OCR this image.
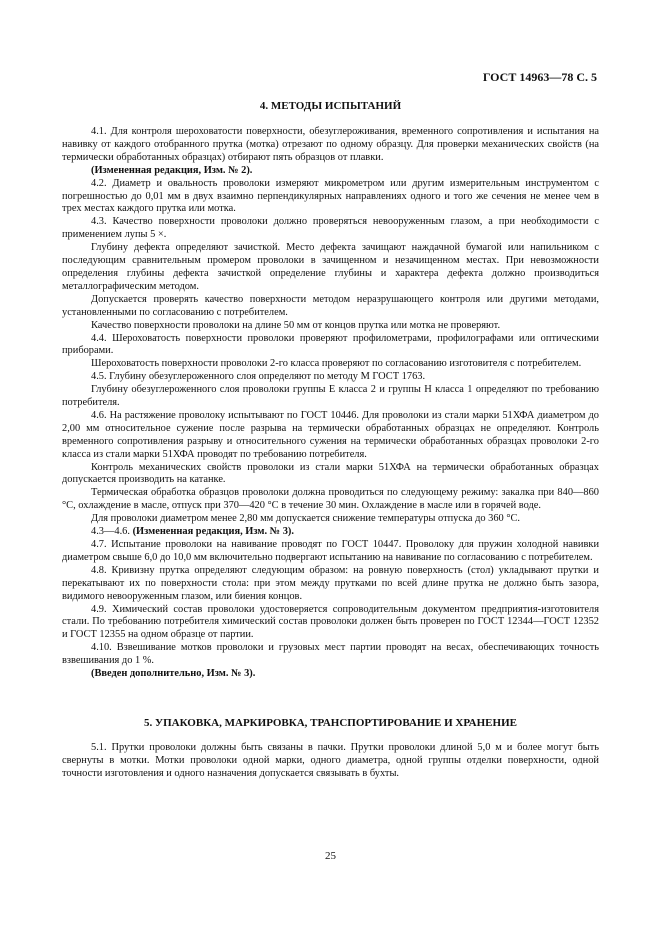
ГОСТ 14963—78 С. 5
4. МЕТОДЫ ИСПЫТАНИЙ

4.1. Для контроля шероховатости поверхности, обезуглероживания, временного сопротивления и испытания на навивку от каждого отобранного прутка (мотка) отрезают по одному образцу. Для проверки механических свойств (на термически обработанных образцах) отбирают пять образцов от плавки.

(Измененная редакция, Изм. № 2).

4.2. Диаметр и овальность проволоки измеряют микрометром или другим измерительным инструментом с погрешностью до 0,01 мм в двух взаимно перпендикулярных направлениях одного и того же сечения не менее чем в трех местах каждого прутка или мотка.

4.3. Качество поверхности проволоки должно проверяться невооруженным глазом, а при необходимости с применением лупы 5 ×.

Глубину дефекта определяют зачисткой. Место дефекта зачищают наждачной бумагой или напильником с последующим сравнительным промером проволоки в зачищенном и незачищенном местах. При невозможности определения глубины дефекта зачисткой определение глубины и характера дефекта должно производиться металлографическим методом.

Допускается проверять качество поверхности методом неразрушающего контроля или другими методами, установленными по согласованию с потребителем.

Качество поверхности проволоки на длине 50 мм от концов прутка или мотка не проверяют.

4.4. Шероховатость поверхности проволоки проверяют профилометрами, профилографами или оптическими приборами.

Шероховатость поверхности проволоки 2-го класса проверяют по согласованию изготовителя с потребителем.

4.5. Глубину обезуглероженного слоя определяют по методу М ГОСТ 1763.

Глубину обезуглероженного слоя проволоки группы Е класса 2 и группы Н класса 1 определяют по требованию потребителя.

4.6. На растяжение проволоку испытывают по ГОСТ 10446. Для проволоки из стали марки 51ХФА диаметром до 2,00 мм относительное сужение после разрыва на термически обработанных образцах не определяют. Контроль временного сопротивления разрыву и относительного сужения на термически обработанных образцах проволоки 2-го класса из стали марки 51ХФА проводят по требованию потребителя.

Контроль механических свойств проволоки из стали марки 51ХФА на термически обработанных образцах допускается производить на катанке.

Термическая обработка образцов проволоки должна проводиться по следующему режиму: закалка при 840—860 °С, охлаждение в масле, отпуск при 370—420 °С в течение 30 мин. Охлаждение в масле или в горячей воде.

Для проволоки диаметром менее 2,80 мм допускается снижение температуры отпуска до 360 °С.

4.3—4.6. (Измененная редакция, Изм. № 3).

4.7. Испытание проволоки на навивание проводят по ГОСТ 10447. Проволоку для пружин холодной навивки диаметром свыше 6,0 до 10,0 мм включительно подвергают испытанию на навивание по согласованию с потребителем.

4.8. Кривизну прутка определяют следующим образом: на ровную поверхность (стол) укладывают прутки и перекатывают их по поверхности стола: при этом между прутками по всей длине прутка не должно быть зазора, видимого невооруженным глазом, или биения концов.

4.9. Химический состав проволоки удостоверяется сопроводительным документом предприятия-изготовителя стали. По требованию потребителя химический состав проволоки должен быть проверен по ГОСТ 12344—ГОСТ 12352 и ГОСТ 12355 на одном образце от партии.

4.10. Взвешивание мотков проволоки и грузовых мест партии проводят на весах, обеспечивающих точность взвешивания до 1 %.

(Введен дополнительно, Изм. № 3).

5. УПАКОВКА, МАРКИРОВКА, ТРАНСПОРТИРОВАНИЕ И ХРАНЕНИЕ

5.1. Прутки проволоки должны быть связаны в пачки. Прутки проволоки длиной 5,0 м и более могут быть свернуты в мотки. Мотки проволоки одной марки, одного диаметра, одной группы отделки поверхности, одной точности изготовления и одного назначения допускается связывать в бухты.

25
